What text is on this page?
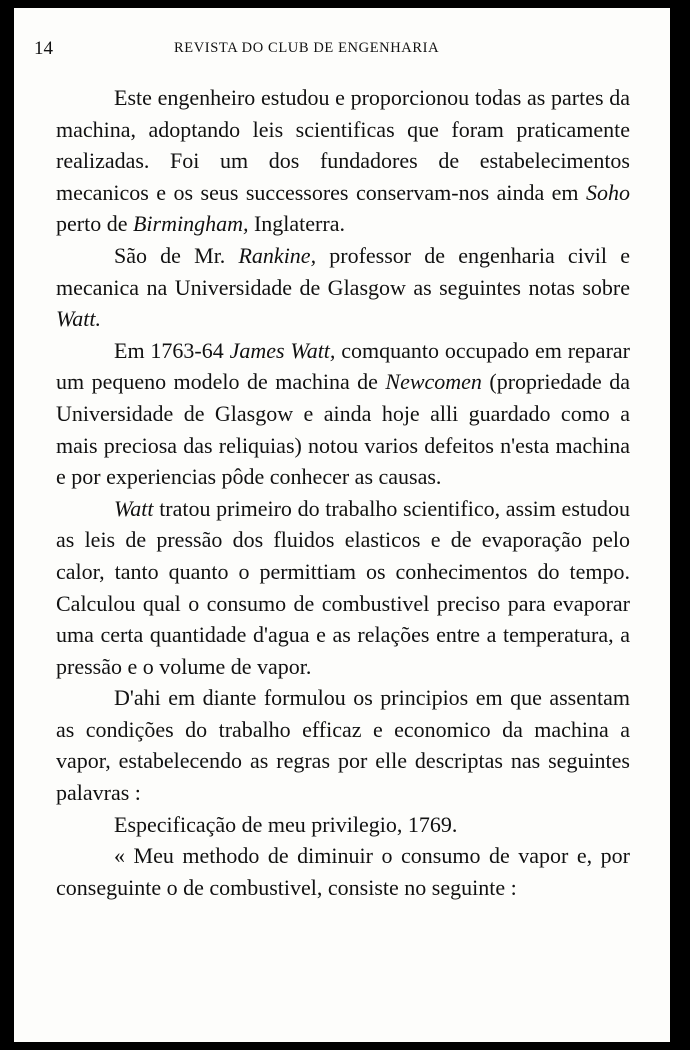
14	REVISTA DO CLUB DE ENGENHARIA

Este engenheiro estudou e proporcionou todas as partes da machina, adoptando leis scientificas que foram praticamente realizadas. Foi um dos fundadores de estabelecimentos mecanicos e os seus successores conservam-nos ainda em Soho perto de Birmingham, Inglaterra.

São de Mr. Rankine, professor de engenharia civil e mecanica na Universidade de Glasgow as seguintes notas sobre Watt.

Em 1763-64 James Watt, comquanto occupado em reparar um pequeno modelo de machina de Newcomen (propriedade da Universidade de Glasgow e ainda hoje alli guardado como a mais preciosa das reliquias) notou varios defeitos n'esta machina e por experiencias pôde conhecer as causas.

Watt tratou primeiro do trabalho scientifico, assim estudou as leis de pressão dos fluidos elasticos e de evaporação pelo calor, tanto quanto o permittiam os conhecimentos do tempo. Calculou qual o consumo de combustivel preciso para evaporar uma certa quantidade d'agua e as relações entre a temperatura, a pressão e o volume de vapor.

D'ahi em diante formulou os principios em que assentam as condições do trabalho efficaz e economico da machina a vapor, estabelecendo as regras por elle descriptas nas seguintes palavras :

Especificação de meu privilegio, 1769.

« Meu methodo de diminuir o consumo de vapor e, por conseguinte o de combustivel, consiste no seguinte :
